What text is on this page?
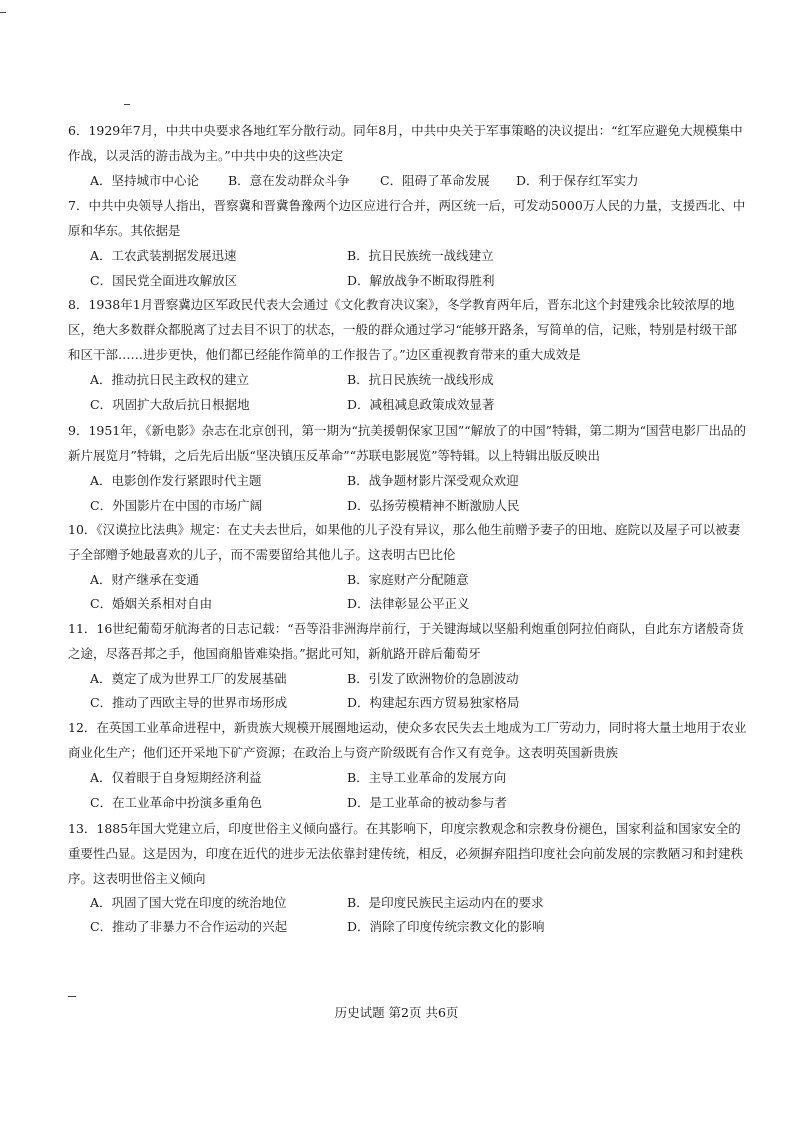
6．1929年7月，中共中央要求各地红军分散行动。同年8月，中共中央关于军事策略的决议提出：“红军应避免大规模集中作战，以灵活的游击战为主。”中共中央的这些决定

A．坚持城市中心论 B．意在发动群众斗争 C．阻碍了革命发展 D．利于保存红军实力

7．中共中央领导人指出，晋察冀和晋冀鲁豫两个边区应进行合并，两区统一后，可发动5000万人民的力量，支援西北、中原和华东。其依据是

A．工农武装割据发展迅速	B．抗日民族统一战线建立
C．国民党全面进攻解放区	D．解放战争不断取得胜利

8．1938年1月晋察冀边区军政民代表大会通过《文化教育决议案》，冬学教育两年后，晋东北这个封建残余比较浓厚的地区，绝大多数群众都脱离了过去目不识丁的状态，一般的群众通过学习“能够开路条，写简单的信，记账，特别是村级干部和区干部……进步更快，他们都已经能作简单的工作报告了。”边区重视教育带来的重大成效是

A．推动抗日民主政权的建立	B．抗日民族统一战线形成
C．巩固扩大敌后抗日根据地	D．减租减息政策成效显著

9．1951年，《新电影》杂志在北京创刊，第一期为“抗美援朝保家卫国”“解放了的中国”特辑，第二期为“国营电影厂出品的新片展览月”特辑，之后先后出版“坚决镇压反革命”“苏联电影展览”等特辑。以上特辑出版反映出

A．电影创作发行紧跟时代主题	B．战争题材影片深受观众欢迎
C．外国影片在中国的市场广阔	D．弘扬劳模精神不断激励人民

10．《汉谟拉比法典》规定：在丈夫去世后，如果他的儿子没有异议，那么他生前赠予妻子的田地、庭院以及屋子可以被妻子全部赠予她最喜欢的儿子，而不需要留给其他儿子。这表明古巴比伦

A．财产继承在变通	B．家庭财产分配随意
C．婚姻关系相对自由	D．法律彰显公平正义

11．16世纪葡萄牙航海者的日志记载：“吾等沿非洲海岸前行，于关键海域以坚船利炮重创阿拉伯商队，自此东方诸般奇货之途，尽落吾邦之手，他国商船皆难染指。”据此可知，新航路开辟后葡萄牙

A．奠定了成为世界工厂的发展基础	B．引发了欧洲物价的急剧波动
C．推动了西欧主导的世界市场形成	D．构建起东西方贸易独家格局

12．在英国工业革命进程中，新贵族大规模开展圈地运动，使众多农民失去土地成为工厂劳动力，同时将大量土地用于农业商业化生产；他们还开采地下矿产资源；在政治上与资产阶级既有合作又有竞争。这表明英国新贵族

A．仅着眼于自身短期经济利益	B．主导工业革命的发展方向
C．在工业革命中扮演多重角色	D．是工业革命的被动参与者

13．1885年国大党建立后，印度世俗主义倾向盛行。在其影响下，印度宗教观念和宗教身份褪色，国家利益和国家安全的重要性凸显。这是因为，印度在近代的进步无法依靠封建传统，相反，必须摒弃阻挡印度社会向前发展的宗教陋习和封建秩序。这表明世俗主义倾向

A．巩固了国大党在印度的统治地位	B．是印度民族民主运动内在的要求
C．推动了非暴力不合作运动的兴起	D．消除了印度传统宗教文化的影响
历史试题 第2页 共6页
